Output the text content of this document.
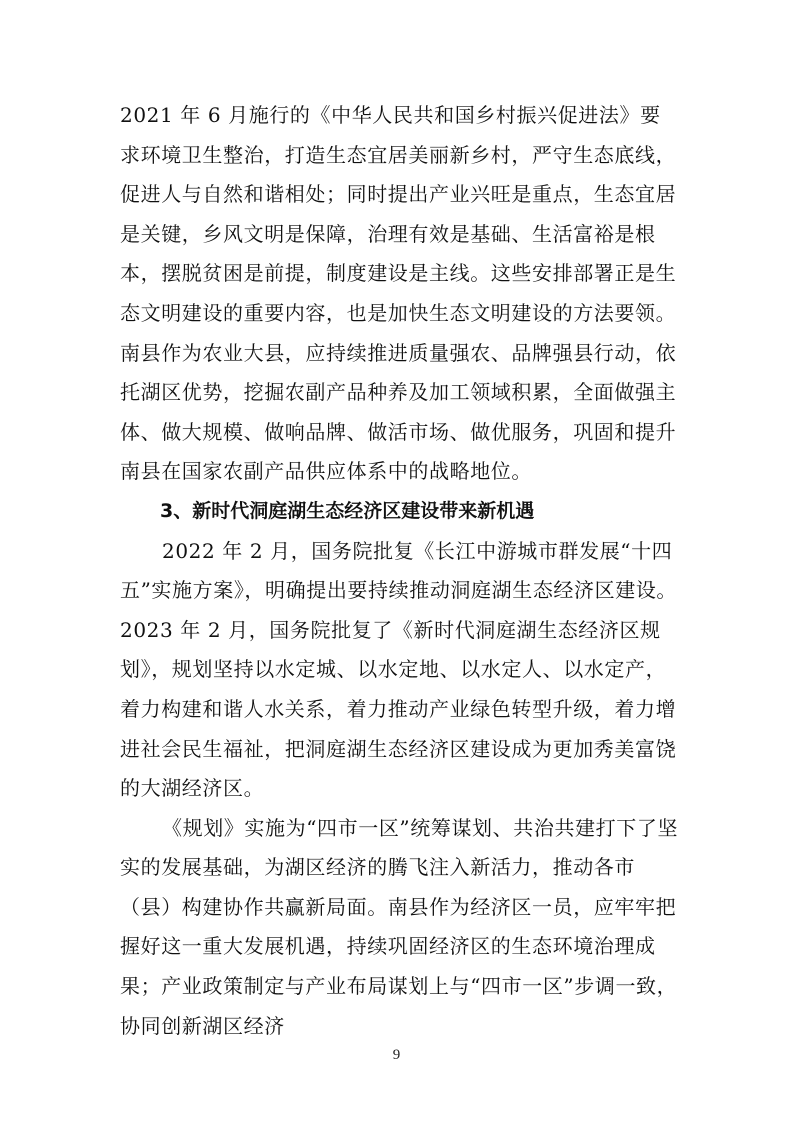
2021 年 6 月施行的《中华人民共和国乡村振兴促进法》要求环境卫生整治，打造生态宜居美丽新乡村，严守生态底线，促进人与自然和谐相处；同时提出产业兴旺是重点，生态宜居是关键，乡风文明是保障，治理有效是基础、生活富裕是根本，摆脱贫困是前提，制度建设是主线。这些安排部署正是生态文明建设的重要内容，也是加快生态文明建设的方法要领。南县作为农业大县，应持续推进质量强农、品牌强县行动，依托湖区优势，挖掘农副产品种养及加工领域积累，全面做强主体、做大规模、做响品牌、做活市场、做优服务，巩固和提升南县在国家农副产品供应体系中的战略地位。

3、新时代洞庭湖生态经济区建设带来新机遇

2022 年 2 月，国务院批复《长江中游城市群发展“十四五”实施方案》，明确提出要持续推动洞庭湖生态经济区建设。2023 年 2 月，国务院批复了《新时代洞庭湖生态经济区规划》，规划坚持以水定城、以水定地、以水定人、以水定产，着力构建和谐人水关系，着力推动产业绿色转型升级，着力增进社会民生福祉，把洞庭湖生态经济区建设成为更加秀美富饶的大湖经济区。

《规划》实施为“四市一区”统筹谋划、共治共建打下了坚实的发展基础，为湖区经济的腾飞注入新活力，推动各市（县）构建协作共赢新局面。南县作为经济区一员，应牢牢把握好这一重大发展机遇，持续巩固经济区的生态环境治理成果；产业政策制定与产业布局谋划上与“四市一区”步调一致，协同创新湖区经济

9
